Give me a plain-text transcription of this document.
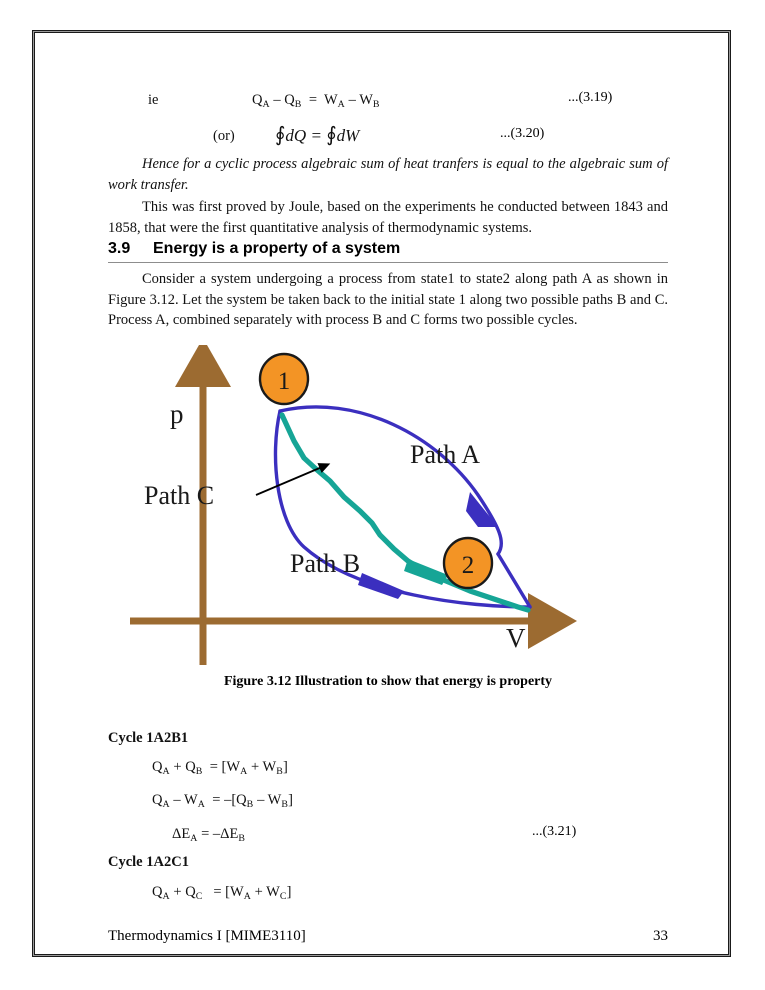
ie	$Q_A - Q_B = W_A - W_B$	...(3.19)
(or) ∮dQ = ∮dW	...(3.20)
Hence for a cyclic process algebraic sum of heat tranfers is equal to the algebraic sum of work transfer.
This was first proved by Joule, based on the experiments he conducted between 1843 and 1858, that were the first quantitative analysis of thermodynamic systems.
3.9 Energy is a property of a system
Consider a system undergoing a process from state1 to state2 along path A as shown in Figure 3.12. Let the system be taken back to the initial state 1 along two possible paths B and C. Process A, combined separately with process B and C forms two possible cycles.
1
2
p
V
Path A
Path B
Path C
Figure 3.12 Illustration to show that energy is property
Cycle 1A2B1
$Q_A + Q_B = [W_A + W_B]$
$Q_A - W_A = -[Q_B - W_B]$
$\Delta E_A = -\Delta E_B$	...(3.21)
Cycle 1A2C1
$Q_A + Q_C = [W_A + W_C]$
33
Thermodynamics I [MIME3110]
